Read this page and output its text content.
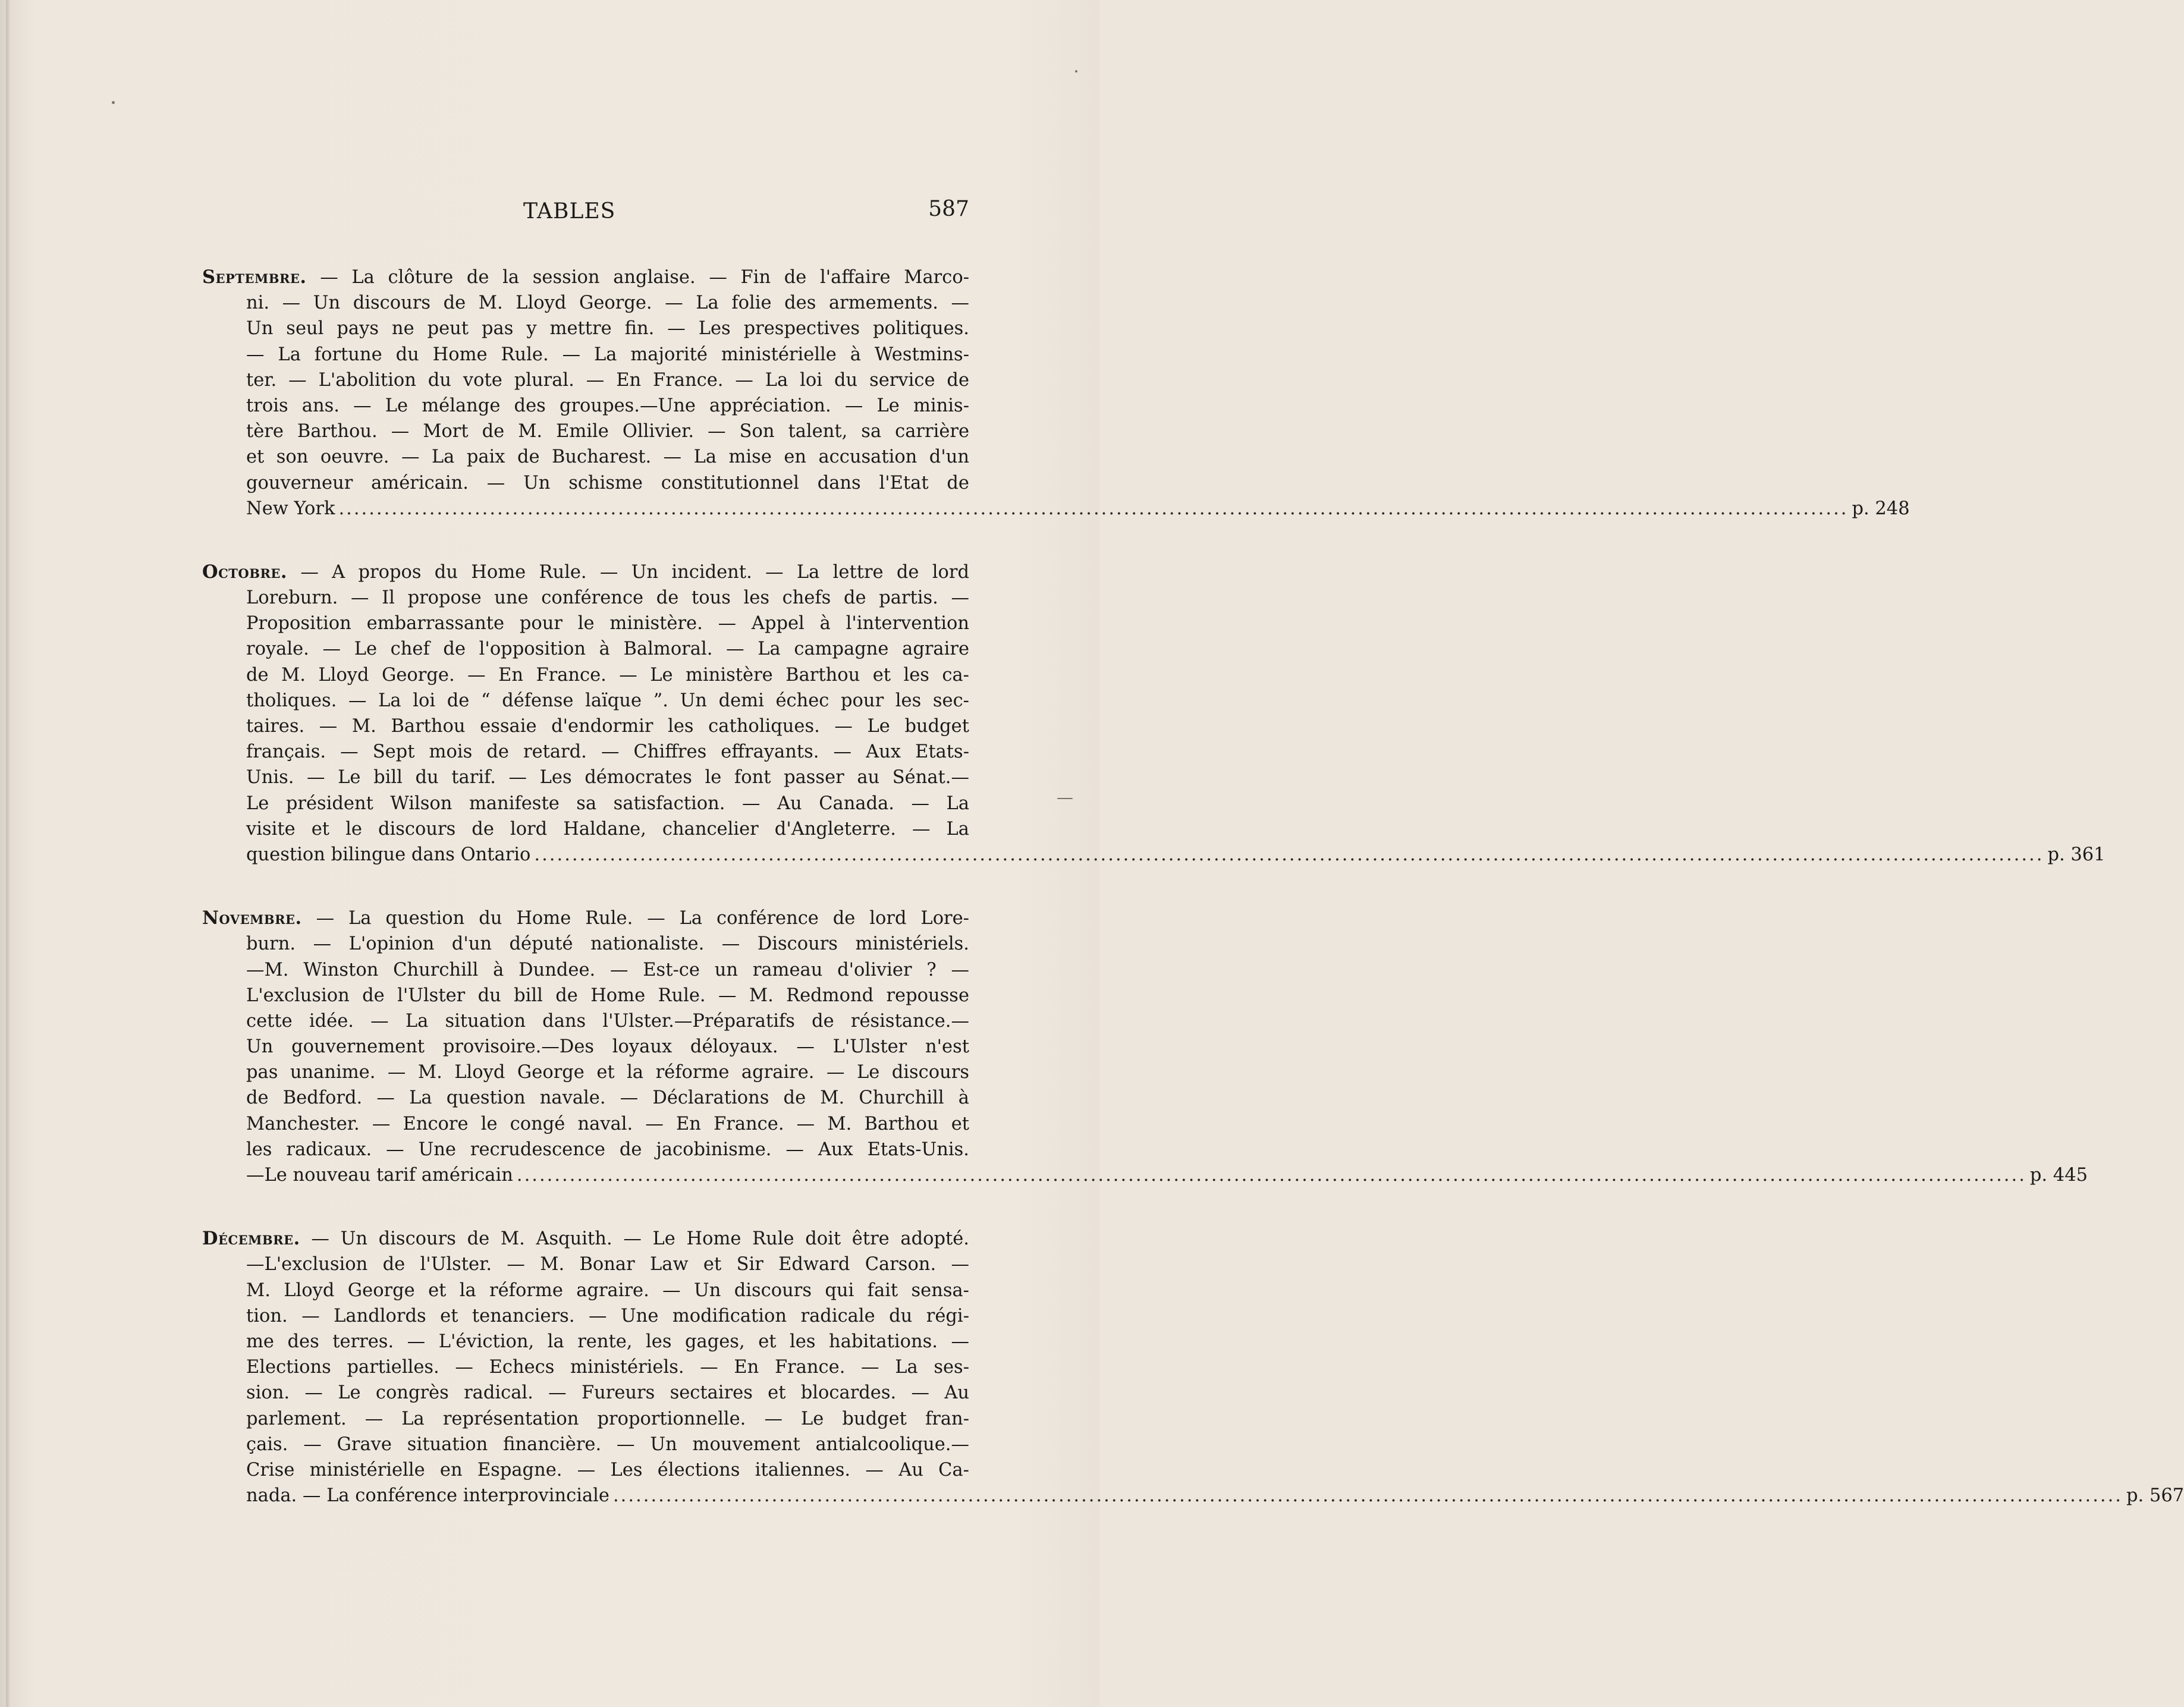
TABLES	587
Septembre. — La clôture de la session anglaise. — Fin de l'affaire Marco-
ni. — Un discours de M. Lloyd George. — La folie des armements. —
Un seul pays ne peut pas y mettre fin. — Les prespectives politiques.
— La fortune du Home Rule. — La majorité ministérielle à Westmins-
ter. — L'abolition du vote plural. — En France. — La loi du service de
trois ans. — Le mélange des groupes.—Une appréciation. — Le minis-
tère Barthou. — Mort de M. Emile Ollivier. — Son talent, sa carrière
et son oeuvre. — La paix de Bucharest. — La mise en accusation d'un
gouverneur américain. — Un schisme constitutionnel dans l'Etat de
New York ........................................................................................................................................................................................................ p. 248
Octobre. — A propos du Home Rule. — Un incident. — La lettre de lord
Loreburn. — Il propose une conférence de tous les chefs de partis. —
Proposition embarrassante pour le ministère. — Appel à l'intervention
royale. — Le chef de l'opposition à Balmoral. — La campagne agraire
de M. Lloyd George. — En France. — Le ministère Barthou et les ca-
tholiques. — La loi de “ défense laïque ”. Un demi échec pour les sec-
taires. — M. Barthou essaie d'endormir les catholiques. — Le budget
français. — Sept mois de retard. — Chiffres effrayants. — Aux Etats-
Unis. — Le bill du tarif. — Les démocrates le font passer au Sénat.—
Le président Wilson manifeste sa satisfaction. — Au Canada. — La
visite et le discours de lord Haldane, chancelier d'Angleterre. — La
question bilingue dans Ontario ........................................................................................................................................................................................................ p. 361
Novembre. — La question du Home Rule. — La conférence de lord Lore-
burn. — L'opinion d'un député nationaliste. — Discours ministériels.
—M. Winston Churchill à Dundee. — Est-ce un rameau d'olivier ? —
L'exclusion de l'Ulster du bill de Home Rule. — M. Redmond repousse
cette idée. — La situation dans l'Ulster.—Préparatifs de résistance.—
Un gouvernement provisoire.—Des loyaux déloyaux. — L'Ulster n'est
pas unanime. — M. Lloyd George et la réforme agraire. — Le discours
de Bedford. — La question navale. — Déclarations de M. Churchill à
Manchester. — Encore le congé naval. — En France. — M. Barthou et
les radicaux. — Une recrudescence de jacobinisme. — Aux Etats-Unis.
—Le nouveau tarif américain ........................................................................................................................................................................................................ p. 445
Décembre. — Un discours de M. Asquith. — Le Home Rule doit être adopté.
—L'exclusion de l'Ulster. — M. Bonar Law et Sir Edward Carson. —
M. Lloyd George et la réforme agraire. — Un discours qui fait sensa-
tion. — Landlords et tenanciers. — Une modification radicale du régi-
me des terres. — L'éviction, la rente, les gages, et les habitations. —
Elections partielles. — Echecs ministériels. — En France. — La ses-
sion. — Le congrès radical. — Fureurs sectaires et blocardes. — Au
parlement. — La représentation proportionnelle. — Le budget fran-
çais. — Grave situation financière. — Un mouvement antialcoolique.—
Crise ministérielle en Espagne. — Les élections italiennes. — Au Ca-
nada. — La conférence interprovinciale ........................................................................................................................................................................................................ p. 567
